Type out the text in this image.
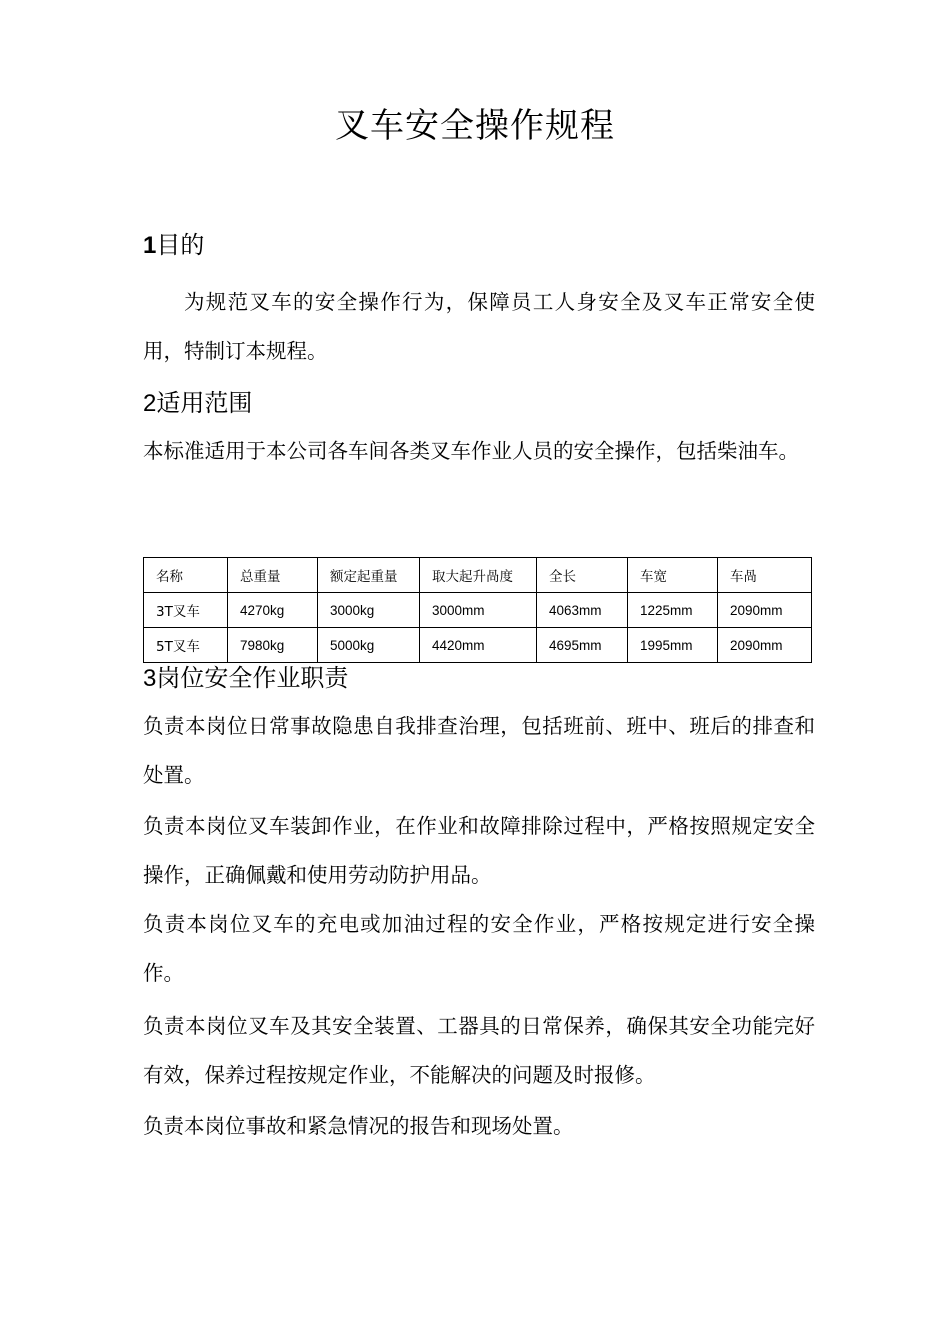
叉车安全操作规程
1目的

为规范叉车的安全操作行为，保障员工人身安全及叉车正常安全使用，特制订本规程。

2适用范围

本标准适用于本公司各车间各类叉车作业人员的安全操作，包括柴油车。

名称	总重量	额定起重量	取大起升咼度	全长	车宽	车咼
3T叉车	4270kg	3000kg	3000mm	4063mm	1225mm	2090mm
5T叉车	7980kg	5000kg	4420mm	4695mm	1995mm	2090mm
3岗位安全作业职责

负责本岗位日常事故隐患自我排查治理，包括班前、班中、班后的排查和处置。

负责本岗位叉车装卸作业，在作业和故障排除过程中，严格按照规定安全操作，正确佩戴和使用劳动防护用品。

负责本岗位叉车的充电或加油过程的安全作业，严格按规定进行安全操作。

负责本岗位叉车及其安全装置、工器具的日常保养，确保其安全功能完好有效，保养过程按规定作业，不能解决的问题及时报修。

负责本岗位事故和紧急情况的报告和现场处置。
